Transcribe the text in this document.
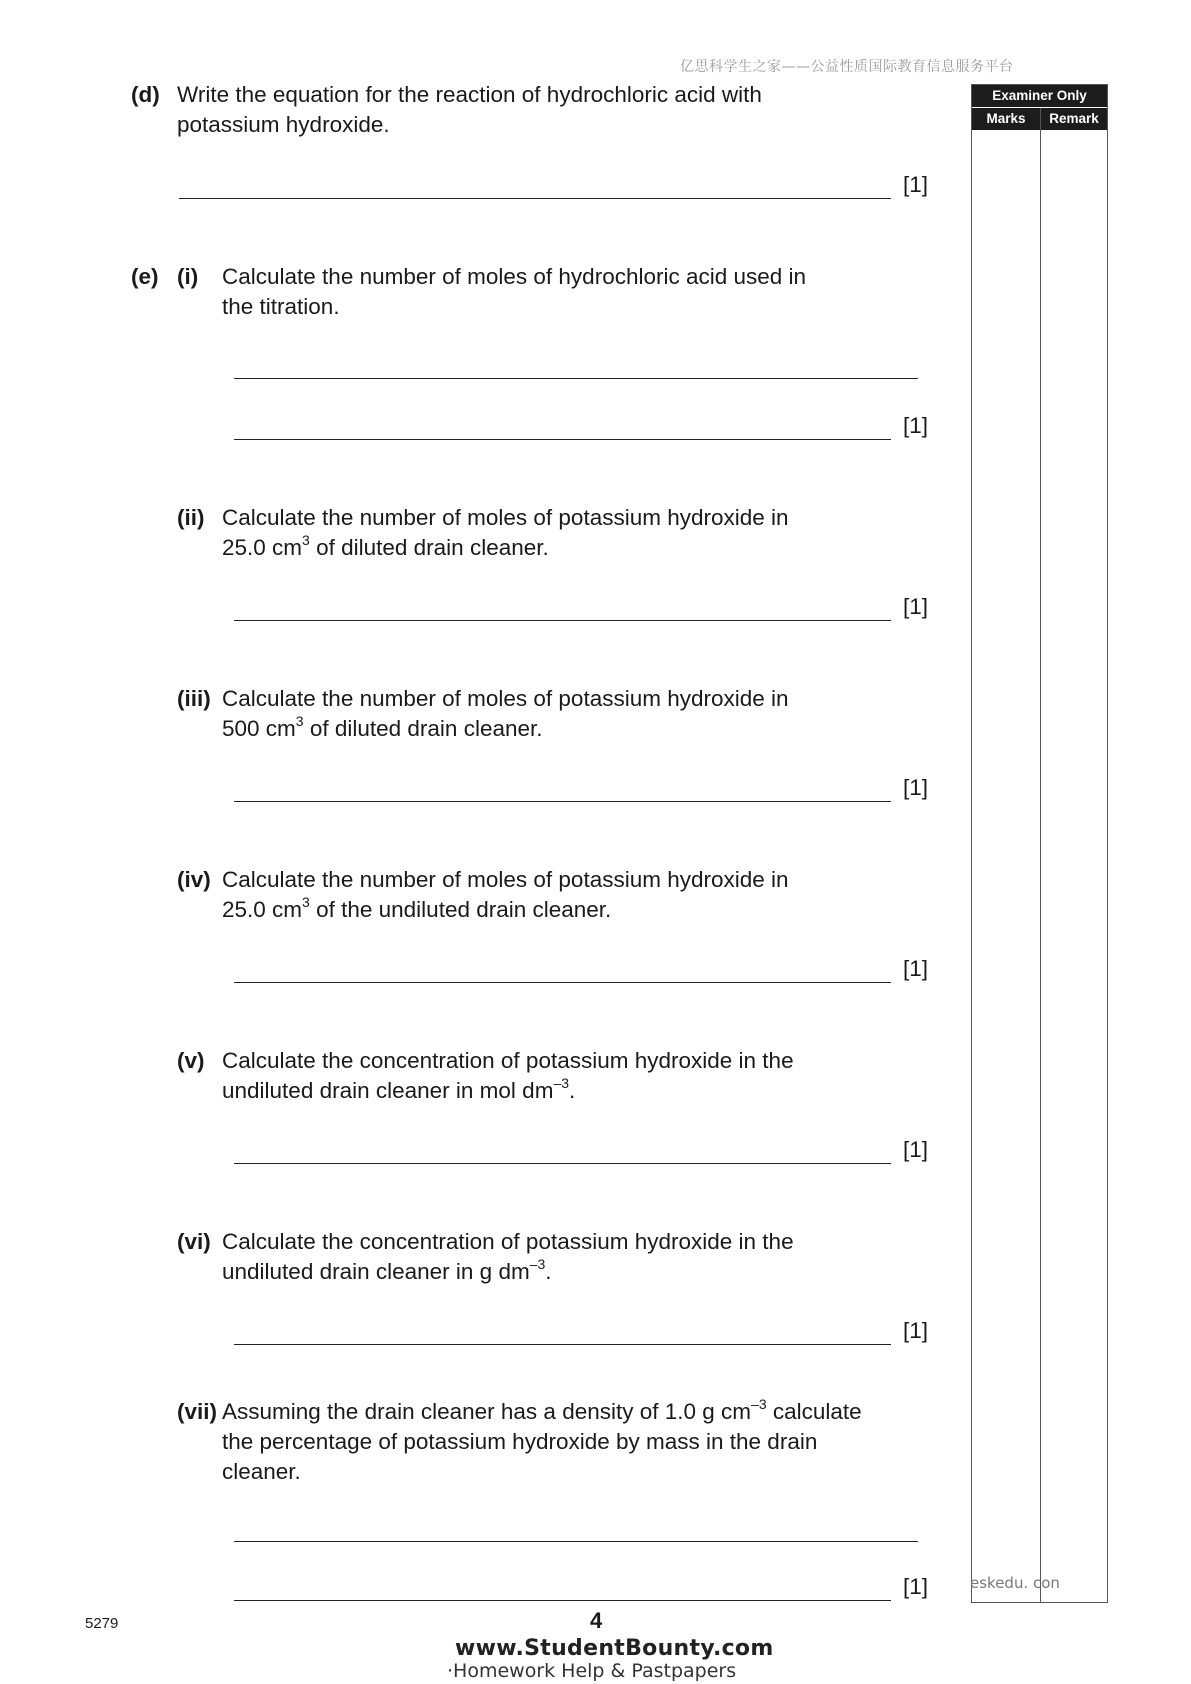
亿思科学生之家——公益性质国际教育信息服务平台
Examiner Only
Marks	Remark
(d) Write the equation for the reaction of hydrochloric acid with
potassium hydroxide.
[1]
(e) (i) Calculate the number of moles of hydrochloric acid used in
the titration.
[1]
(ii) Calculate the number of moles of potassium hydroxide in
25.0 $cm^3$ of diluted drain cleaner.
[1]
(iii) Calculate the number of moles of potassium hydroxide in
500 $cm^3$ of diluted drain cleaner.
[1]
(iv) Calculate the number of moles of potassium hydroxide in
25.0 $cm^3$ of the undiluted drain cleaner.
[1]
(v) Calculate the concentration of potassium hydroxide in the
undiluted drain cleaner in mol $dm^{-3}$.
[1]
(vi) Calculate the concentration of potassium hydroxide in the
undiluted drain cleaner in g $dm^{-3}$.
[1]
(vii) Assuming the drain cleaner has a density of 1.0 g $cm^{-3}$ calculate
the percentage of potassium hydroxide by mass in the drain
cleaner.
[1]	eskedu. con
5279	4
www.StudentBounty.com
·Homework Help & Pastpapers
